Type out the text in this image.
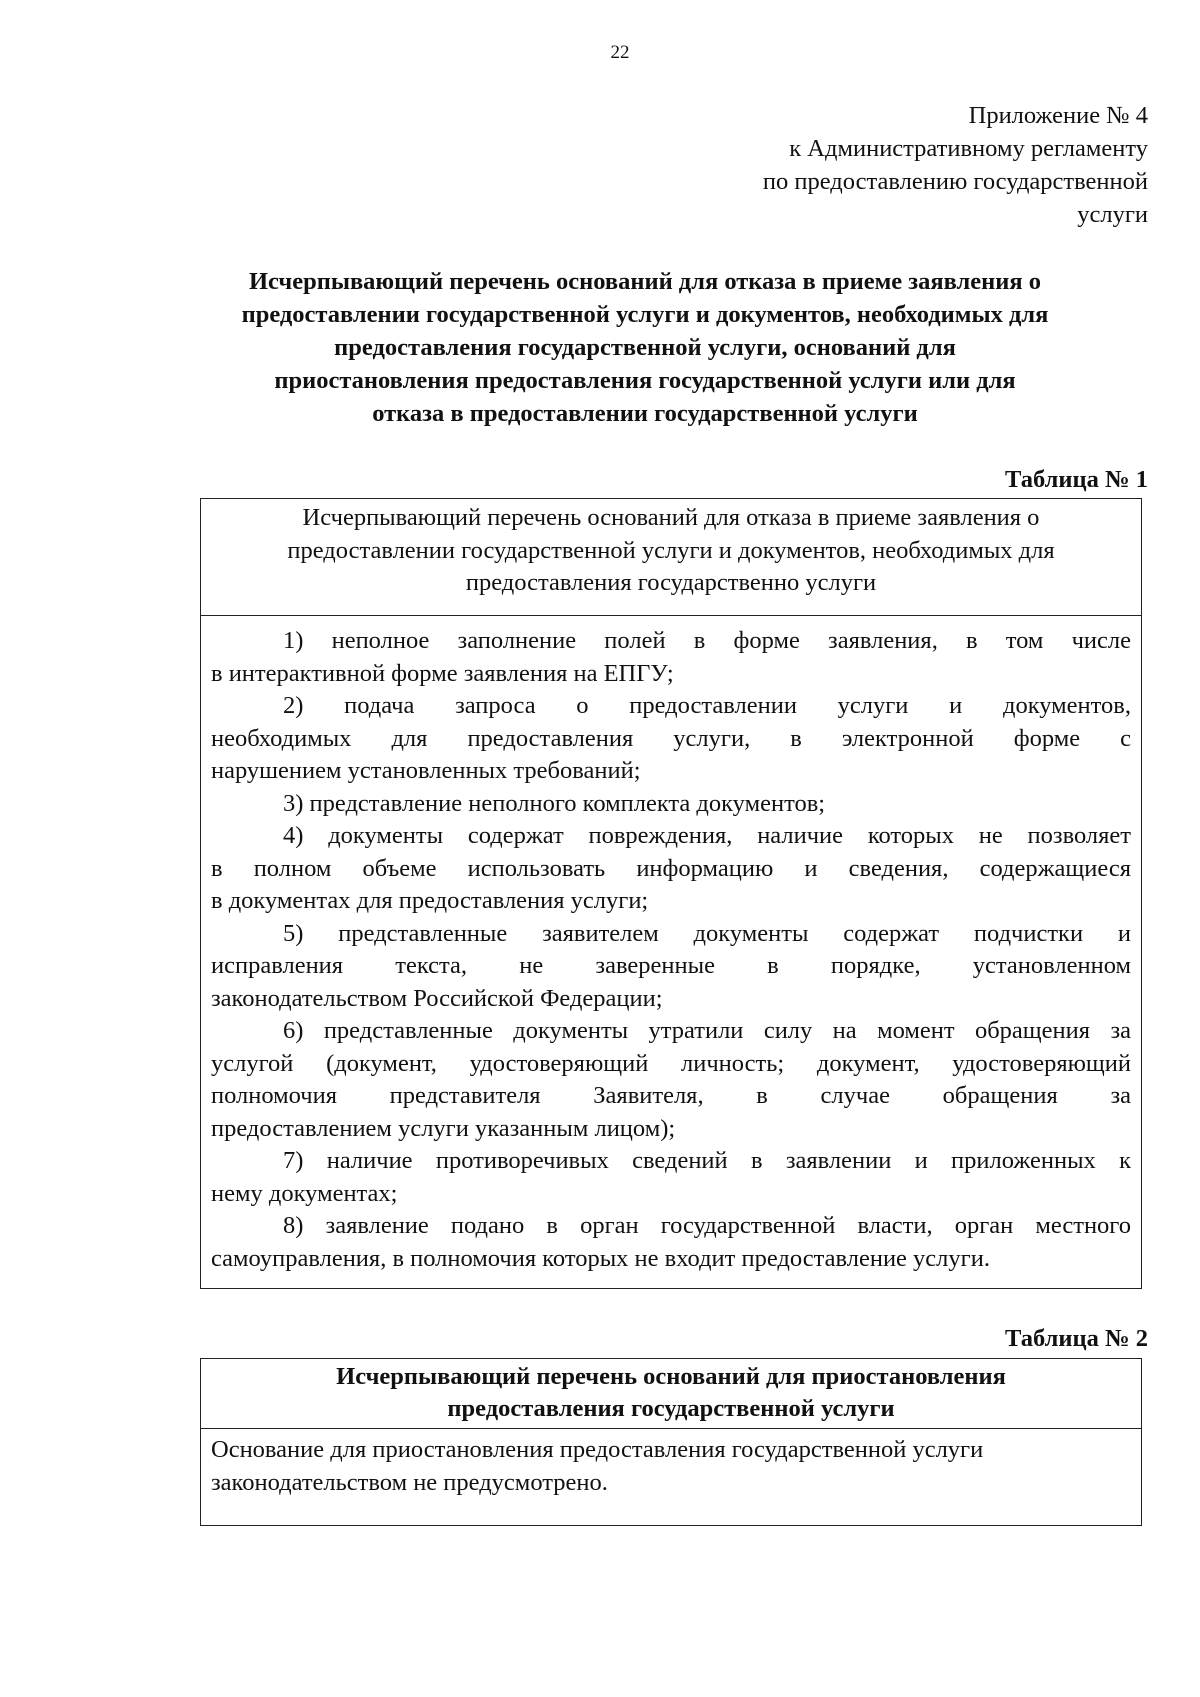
22
Приложение № 4
к Административному регламенту
по предоставлению государственной
услуги
Исчерпывающий перечень оснований для отказа в приеме заявления о
предоставлении государственной услуги и документов, необходимых для
предоставления государственной услуги, оснований для
приостановления предоставления государственной услуги или для
отказа в предоставлении государственной услуги
Таблица № 1
Исчерпывающий перечень оснований для отказа в приеме заявления о
предоставлении государственной услуги и документов, необходимых для
предоставления государственно услуги
1) неполное заполнение полей в форме заявления, в том числе
в интерактивной форме заявления на ЕПГУ;
2) подача запроса о предоставлении услуги и документов,
необходимых для предоставления услуги, в электронной форме с
нарушением установленных требований;
3) представление неполного комплекта документов;
4) документы содержат повреждения, наличие которых не позволяет
в полном объеме использовать информацию и сведения, содержащиеся
в документах для предоставления услуги;
5) представленные заявителем документы содержат подчистки и
исправления текста, не заверенные в порядке, установленном
законодательством Российской Федерации;
6) представленные документы утратили силу на момент обращения за
услугой (документ, удостоверяющий личность; документ, удостоверяющий
полномочия представителя Заявителя, в случае обращения за
предоставлением услуги указанным лицом);
7) наличие противоречивых сведений в заявлении и приложенных к
нему документах;
8) заявление подано в орган государственной власти, орган местного
самоуправления, в полномочия которых не входит предоставление услуги.
Таблица № 2
Исчерпывающий перечень оснований для приостановления
предоставления государственной услуги
Основание для приостановления предоставления государственной услуги
законодательством не предусмотрено.
